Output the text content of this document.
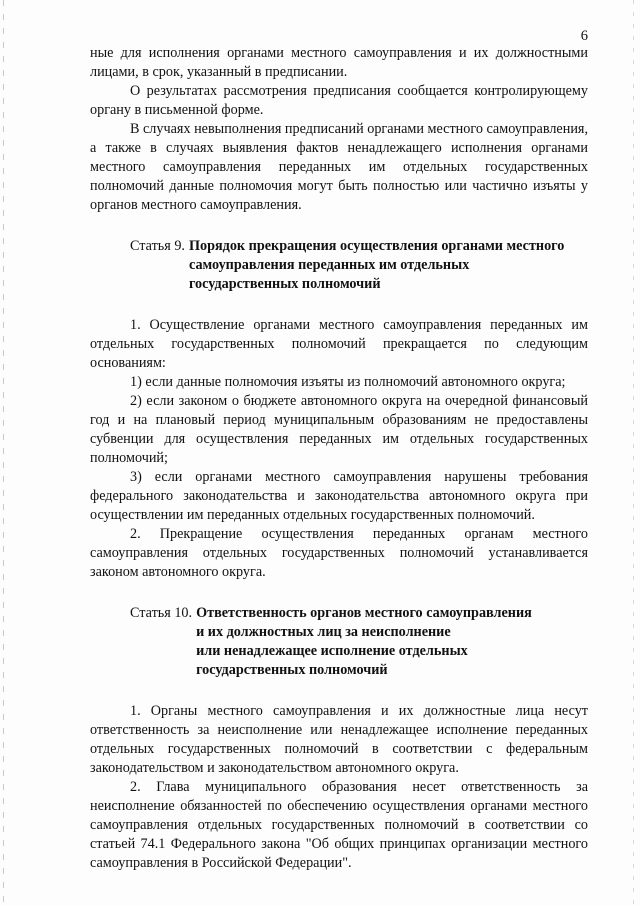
6

ные для исполнения органами местного самоуправления и их должностными лицами, в срок, указанный в предписании.

О результатах рассмотрения предписания сообщается контролирующему органу в письменной форме.

В случаях невыполнения предписаний органами местного самоуправления, а также в случаях выявления фактов ненадлежащего исполнения органами местного самоуправления переданных им отдельных государственных полномочий данные полномочия могут быть полностью или частично изъяты у органов местного самоуправления.

Статья 9. Порядок прекращения осуществления органами местного
самоуправления переданных им отдельных
государственных полномочий

1. Осуществление органами местного самоуправления переданных им отдельных государственных полномочий прекращается по следующим основаниям:

1) если данные полномочия изъяты из полномочий автономного округа;

2) если законом о бюджете автономного округа на очередной финансовый год и на плановый период муниципальным образованиям не предоставлены субвенции для осуществления переданных им отдельных государственных полномочий;

3) если органами местного самоуправления нарушены требования федерального законодательства и законодательства автономного округа при осуществлении им переданных отдельных государственных полномочий.

2. Прекращение осуществления переданных органам местного самоуправления отдельных государственных полномочий устанавливается законом автономного округа.

Статья 10. Ответственность органов местного самоуправления
и их должностных лиц за неисполнение
или ненадлежащее исполнение отдельных
государственных полномочий

1. Органы местного самоуправления и их должностные лица несут ответственность за неисполнение или ненадлежащее исполнение переданных отдельных государственных полномочий в соответствии с федеральным законодательством и законодательством автономного округа.

2. Глава муниципального образования несет ответственность за неисполнение обязанностей по обеспечению осуществления органами местного самоуправления отдельных государственных полномочий в соответствии со статьей 74.1 Федерального закона "Об общих принципах организации местного самоуправления в Российской Федерации".
